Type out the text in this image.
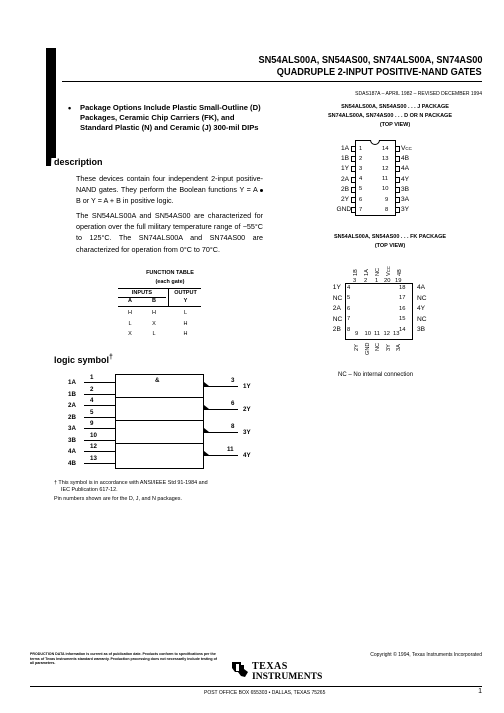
SN54ALS00A, SN54AS00, SN74ALS00A, SN74AS00
QUADRUPLE 2-INPUT POSITIVE-NAND GATES
SDAS187A – APRIL 1982 – REVISED DECEMBER 1994
• Package Options Include Plastic Small-Outline (D) Packages, Ceramic Chip Carriers (FK), and Standard Plastic (N) and Ceramic (J) 300-mil DIPs
description
These devices contain four independent 2-input positive-NAND gates. They perform the Boolean functions Y = A  B or Y = A + B in positive logic.
The SN54ALS00A and SN54AS00 are characterized for operation over the full military temperature range of −55°C to 125°C. The SN74ALS00A and SN74AS00 are characterized for operation from 0°C to 70°C.
SN54ALS00A, SN54AS00 . . . J PACKAGE
SN74ALS00A, SN74AS00 . . . D OR N PACKAGE
(TOP VIEW)
1A 1
1B 2
1Y 3
2A 4
2B 5
2Y 6
GND 7
14 VCC
13 4B
12 4A
11 4Y
10 3B
9 3A
8 3Y
SN54ALS00A, SN54AS00 . . . FK PACKAGE
(TOP VIEW)
1B
3
1A
2
NC
1
VCC
20
4B
19
1Y 4
NC 5
2A 6
NC 7
2B 8
18 4A
17 NC
16 4Y
15 NC
14 3B
9 10 11 12 13
2Y GND NC 3Y 3A
NC – No internal connection
FUNCTION TABLE
(each gate)
INPUTS	OUTPUT
A	B	Y
H	H	L
L	X	H
X	L	H
logic symbol†
&
1A
1
1B
2
2A
4
2B
5
3A
9
3B
10
4A
12
4B
13
3
1Y
6
2Y
8
3Y
11
4Y
† This symbol is in accordance with ANSI/IEEE Std 91-1984 and
IEC Publication 617-12.
Pin numbers shown are for the D, J, and N packages.
PRODUCTION DATA information is current as of publication date. Products conform to specifications per the terms of Texas Instruments standard warranty. Production processing does not necessarily include testing of all parameters.
Copyright © 1994, Texas Instruments Incorporated
TEXAS
INSTRUMENTS
POST OFFICE BOX 655303 • DALLAS, TEXAS 75265	1
